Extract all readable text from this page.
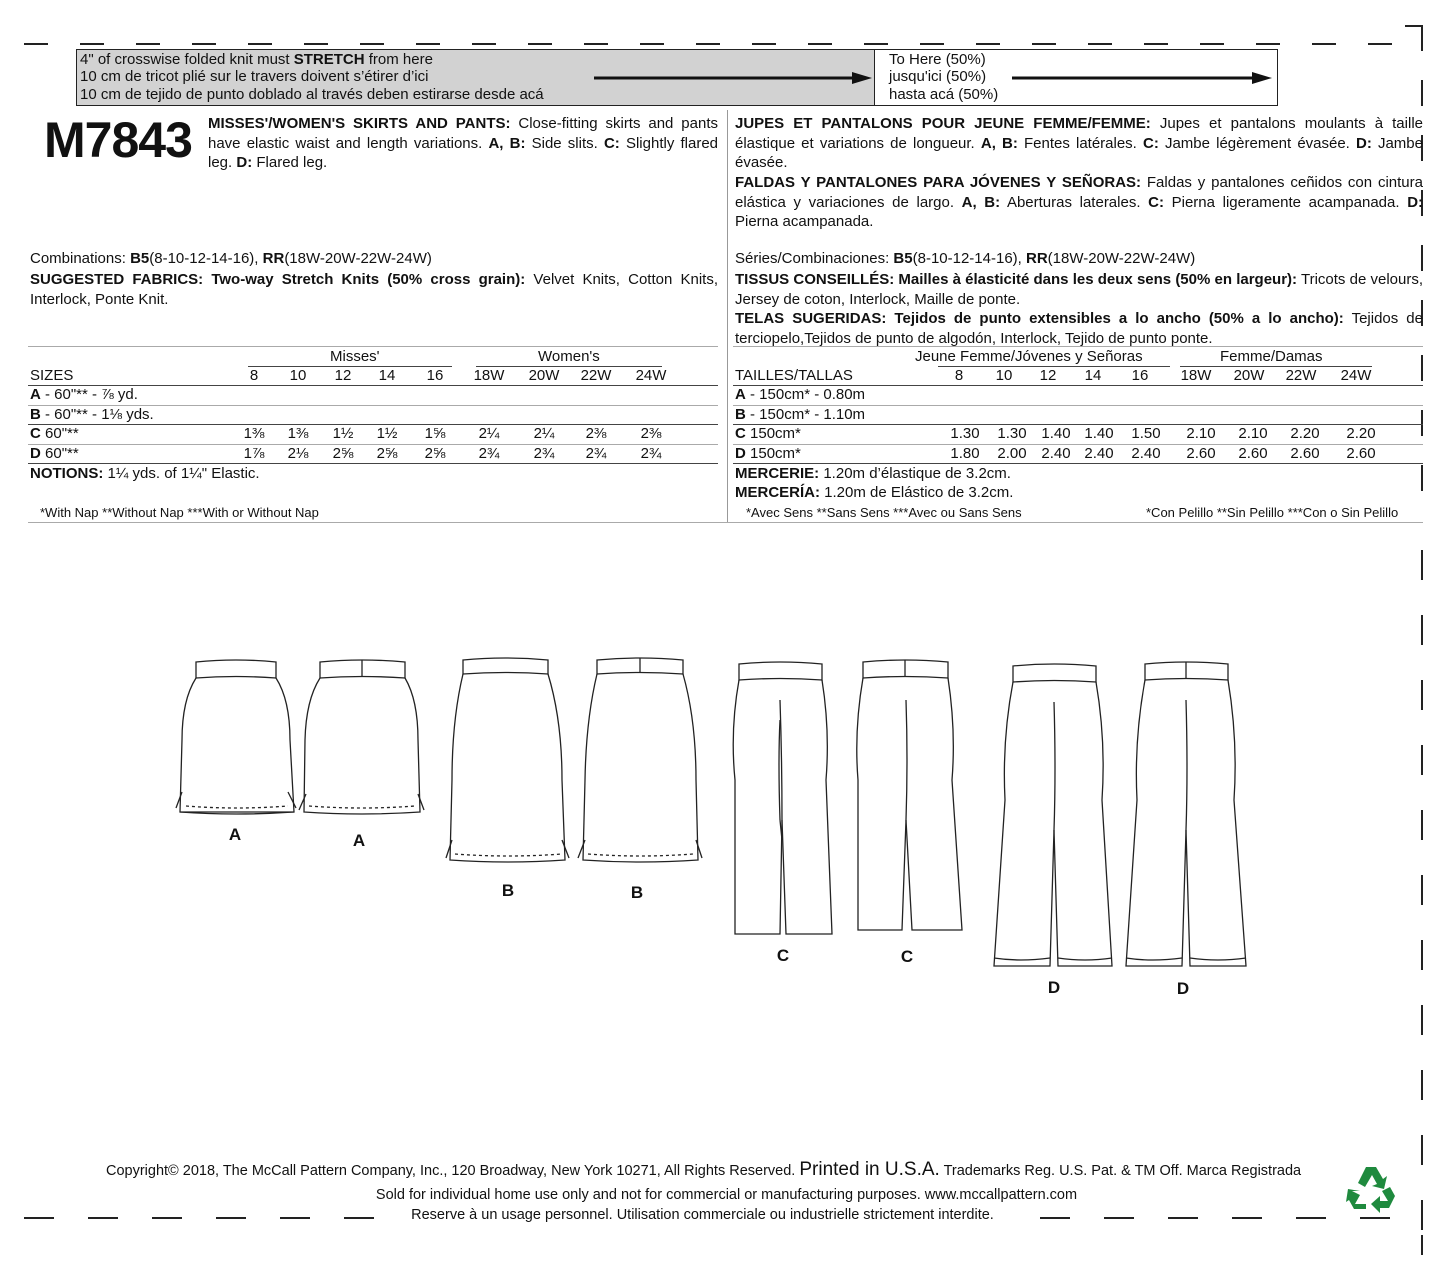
4" of crosswise folded knit must STRETCH from here
10 cm de tricot plié sur le travers doivent s’étirer d’ici
10 cm de tejido de punto doblado al través deben estirarse desde acá
To Here (50%)
jusqu'ici (50%)
hasta acá (50%)
M7843 MISSES'/WOMEN'S SKIRTS AND PANTS: Close-fitting skirts and pants have elastic waist and length variations. A, B: Side slits. C: Slightly flared leg. D: Flared leg.
JUPES ET PANTALONS POUR JEUNE FEMME/FEMME: Jupes et pantalons moulants à taille élastique et variations de longueur. A, B: Fentes latérales. C: Jambe légèrement évasée. D: Jambe évasée.
FALDAS Y PANTALONES PARA JÓVENES Y SEÑORAS: Faldas y pantalones ceñidos con cintura elástica y variaciones de largo. A, B: Aberturas laterales. C: Pierna ligeramente acampanada. D: Pierna acampanada.
Combinations: B5(8-10-12-14-16), RR(18W-20W-22W-24W)	Séries/Combinaciones: B5(8-10-12-14-16), RR(18W-20W-22W-24W)
SUGGESTED FABRICS: Two-way Stretch Knits (50% cross grain): Velvet Knits, Cotton Knits, Interlock, Ponte Knit.
TISSUS CONSEILLÉS: Mailles à élasticité dans les deux sens (50% en largeur): Tricots de velours, Jersey de coton, Interlock, Maille de ponte.
TELAS SUGERIDAS: Tejidos de punto extensibles a lo ancho (50% a lo ancho): Tejidos de terciopelo,Tejidos de punto de algodón, Interlock, Tejido de punto ponte.
Misses'	Women's
SIZES	8	10	12	14	16	18W	20W	22W	24W
A - 60"** - ⅞ yd.
B - 60"** - 1⅛ yds.
C 60"**	1⅜	1⅜	1½	1½	1⅝	2¼	2¼	2⅜	2⅜
D 60"**	1⅞	2⅛	2⅝	2⅝	2⅝	2¾	2¾	2¾	2¾
NOTIONS: 1¼ yds. of 1¼" Elastic.
*With Nap **Without Nap ***With or Without Nap
Jeune Femme/Jóvenes y Señoras	Femme/Damas
TAILLES/TALLAS	8	10	12	14	16	18W	20W	22W	24W
A - 150cm* - 0.80m
B - 150cm* - 1.10m
C 150cm*	1.30	1.30 1.40 1.40	1.50	2.10	2.10	2.20	2.20
D 150cm*	1.80	2.00 2.40 2.40	2.40	2.60	2.60	2.60	2.60
MERCERIE: 1.20m d’élastique de 3.2cm.
MERCERÍA: 1.20m de Elástico de 3.2cm.
*Avec Sens **Sans Sens ***Avec ou Sans Sens	*Con Pelillo **Sin Pelillo ***Con o Sin Pelillo
A	A
B	B
C	C
D	D
Copyright© 2018, The McCall Pattern Company, Inc., 120 Broadway, New York 10271, All Rights Reserved. Printed in U.S.A. Trademarks Reg. U.S. Pat. & TM Off. Marca Registrada
Sold for individual home use only and not for commercial or manufacturing purposes. www.mccallpattern.com
Reserve à un usage personnel. Utilisation commerciale ou industrielle strictement interdite.
